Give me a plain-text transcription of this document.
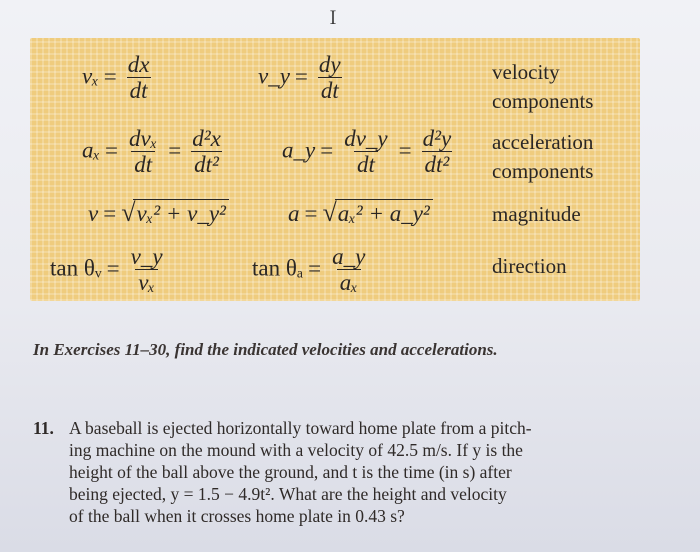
Ｉ
$v_x = \frac{dx}{dt}$	v_y = $\frac{dy}{dt}$	velocity
components
$a_x = \frac{\text{dvₓ}}{dt} = \frac{\text{d²x}}{\text{dt²}}$	a_y = $\frac{dv\_y}{dt} = \frac{\text{d²y}}{\text{dt²}}$ acceleration
components
v = √vₓ² + v_y²	a = √aₓ² + a_y²	magnitude
tan θᵥ = $\frac{v\_y}{\text{vₓ}}$	$\tan \theta_a = \frac{a\_y}{\text{aₓ}}$	direction
In Exercises 11–30, find the indicated velocities and accelerations.
11. A baseball is ejected horizontally toward home plate from a pitch-
ing machine on the mound with a velocity of 42.5 m/s. If y is the
height of the ball above the ground, and t is the time (in s) after
being ejected, y = 1.5 − 4.9t². What are the height and velocity
of the ball when it crosses home plate in 0.43 s?
